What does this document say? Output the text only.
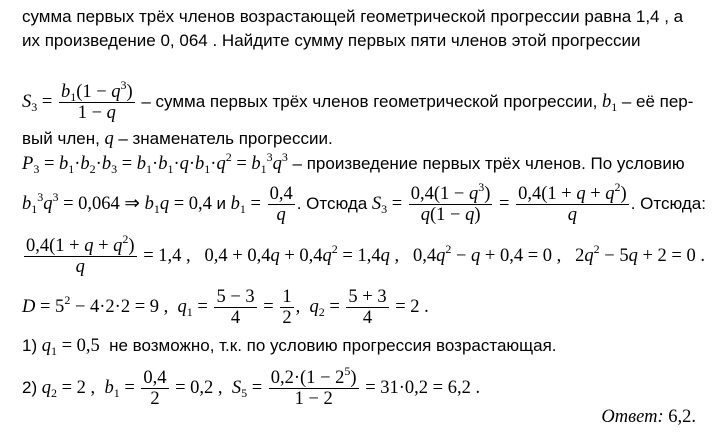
сумма первых трёх членов возрастающей геометрической прогрессии равна 1,4 , а
их произведение 0, 064 . Найдите сумму первых пяти членов этой прогрессии
$S_3 = \frac{b_1(1 - q^3)}{1 - q}$ – сумма первых трёх членов геометрической прогрессии, $b_1$ – её пер-
вый член, q – знаменатель прогрессии.
$P_3 = b_1\cdot b_2\cdot b_3 = b_1\cdot b_1\cdot q\cdot b_1\cdot q^2 = b_1^3q^3$ – произведение первых трёх членов. По условию
$b_1^3q^3 = 0,064$ ⇒ $b_1q = 0,4$ и $b_1 = \frac{0,4}{q}$ . Отсюда $S_3 = \frac{0,4(1 - q^3)}{q(1 - q)} = \frac{0,4(1 + q + q^2)}{q}$ . Отсюда:
$\frac{0,4(1 + q + q^2)}{q} = 1,4$ ,   $0,4 + 0,4q + 0,4q^2 = 1,4q$ ,   $0,4q^2 - q + 0,4 = 0$ ,   $2q^2 - 5q + 2 = 0$ .
$D = 5^2 - 4\cdot 2\cdot 2 = 9$ ,  $q_1 = \frac{5 - 3}{4} = \frac{1}{2}$ ,  $q_2 = \frac{5 + 3}{4} = 2$ .
1) $q_1 = 0,5$  не возможно, т.к. по условию прогрессия возрастающая.
2) $q_2 = 2$ ,  $b_1 = \frac{0,4}{2} = 0,2$ ,  $S_5 = \frac{0,2\cdot(1 - 2^5)}{1 - 2} = 31\cdot 0,2 = 6,2$ .
Ответ: 6,2.
